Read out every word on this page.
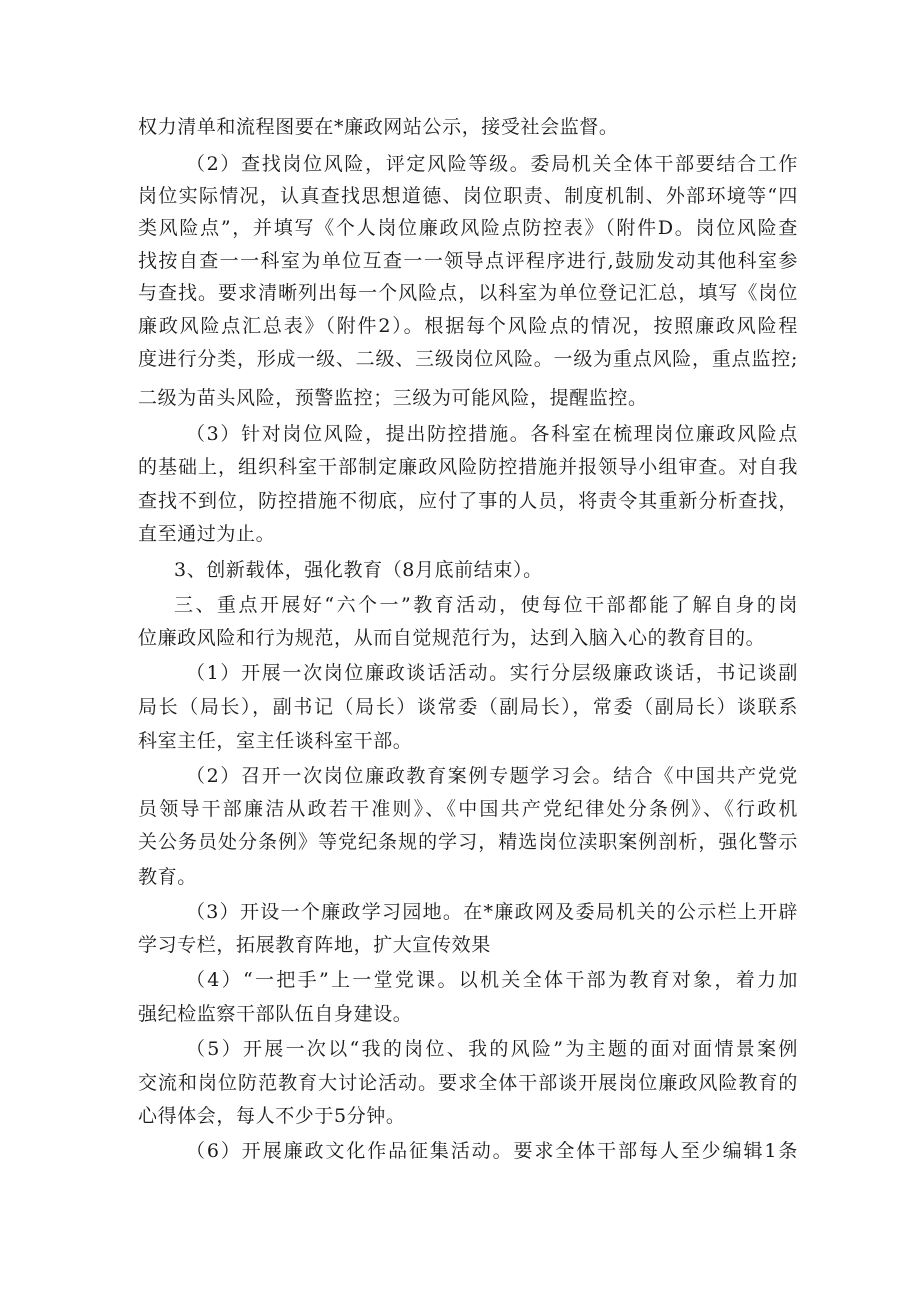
权力清单和流程图要在*廉政网站公示，接受社会监督。
（2）查找岗位风险，评定风险等级。委局机关全体干部要结合工作
岗位实际情况，认真查找思想道德、岗位职责、制度机制、外部环境等“四
类风险点”，并填写《个人岗位廉政风险点防控表》（附件D。岗位风险查
找按自查一一科室为单位互查一一领导点评程序进行,鼓励发动其他科室参
与查找。要求清晰列出每一个风险点，以科室为单位登记汇总，填写《岗位
廉政风险点汇总表》（附件2）。根据每个风险点的情况，按照廉政风险程
度进行分类，形成一级、二级、三级岗位风险。一级为重点风险，重点监控;
二级为苗头风险，预警监控；三级为可能风险，提醒监控。
（3）针对岗位风险，提出防控措施。各科室在梳理岗位廉政风险点
的基础上，组织科室干部制定廉政风险防控措施并报领导小组审查。对自我
查找不到位，防控措施不彻底，应付了事的人员，将责令其重新分析查找，
直至通过为止。
3、创新载体，强化教育（8月底前结束）。
三、重点开展好“六个一”教育活动，使每位干部都能了解自身的岗
位廉政风险和行为规范，从而自觉规范行为，达到入脑入心的教育目的。
（1）开展一次岗位廉政谈话活动。实行分层级廉政谈话，书记谈副
局长（局长），副书记（局长）谈常委（副局长），常委（副局长）谈联系
科室主任，室主任谈科室干部。
（2）召开一次岗位廉政教育案例专题学习会。结合《中国共产党党
员领导干部廉洁从政若干准则》、《中国共产党纪律处分条例》、《行政机
关公务员处分条例》等党纪条规的学习，精选岗位渎职案例剖析，强化警示
教育。
（3）开设一个廉政学习园地。在*廉政网及委局机关的公示栏上开辟
学习专栏，拓展教育阵地，扩大宣传效果
（4）“一把手”上一堂党课。以机关全体干部为教育对象，着力加
强纪检监察干部队伍自身建设。
（5）开展一次以“我的岗位、我的风险”为主题的面对面情景案例
交流和岗位防范教育大讨论活动。要求全体干部谈开展岗位廉政风险教育的
心得体会，每人不少于5分钟。
（6）开展廉政文化作品征集活动。要求全体干部每人至少编辑1条
